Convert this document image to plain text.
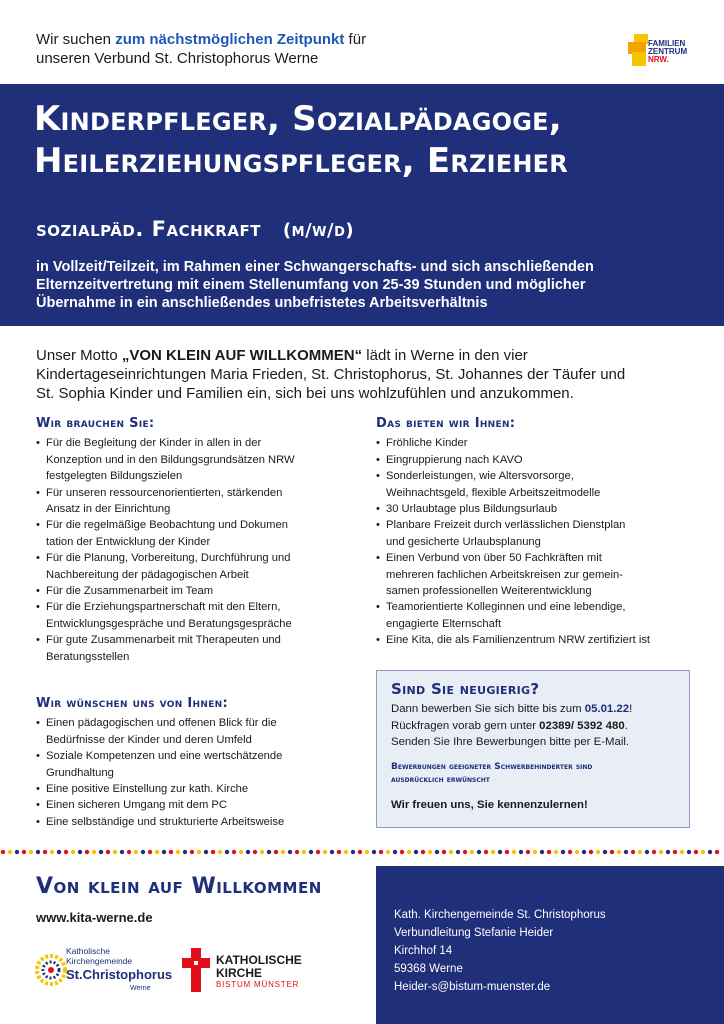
Wir suchen zum nächstmöglichen Zeitpunkt für
unseren Verbund St. Christophorus Werne
FAMILIEN
ZENTRUM
NRW.
Kinderpfleger, Sozialpädagoge,
Heilerziehungspfleger, Erzieher
sozialpäd. Fachkraft (m/w/d)
in Vollzeit/Teilzeit, im Rahmen einer Schwangerschafts- und sich anschließenden
Elternzeitvertretung mit einem Stellenumfang von 25-39 Stunden und möglicher
Übernahme in ein anschließendes unbefristetes Arbeitsverhältnis
Unser Motto „VON KLEIN AUF WILLKOMMEN“ lädt in Werne in den vier
Kindertageseinrichtungen Maria Frieden, St. Christophorus, St. Johannes der Täufer und
St. Sophia Kinder und Familien ein, sich bei uns wohlzufühlen und anzukommen.
Wir brauchen Sie:
• Für die Begleitung der Kinder in allen in der
Konzeption und in den Bildungsgrundsätzen NRW
festgelegten Bildungszielen
• Für unseren ressourcenorientierten, stärkenden
Ansatz in der Einrichtung
• Für die regelmäßige Beobachtung und Dokumen
tation der Entwicklung der Kinder
• Für die Planung, Vorbereitung, Durchführung und
Nachbereitung der pädagogischen Arbeit
• Für die Zusammenarbeit im Team
• Für die Erziehungspartnerschaft mit den Eltern,
Entwicklungsgespräche und Beratungsgespräche
• Für gute Zusammenarbeit mit Therapeuten und
Beratungsstellen
Wir wünschen uns von Ihnen:
• Einen pädagogischen und offenen Blick für die
Bedürfnisse der Kinder und deren Umfeld
• Soziale Kompetenzen und eine wertschätzende
Grundhaltung
• Eine positive Einstellung zur kath. Kirche
• Einen sicheren Umgang mit dem PC
• Eine selbständige und strukturierte Arbeitsweise
Das bieten wir Ihnen:
• Fröhliche Kinder
• Eingruppierung nach KAVO
• Sonderleistungen, wie Altersvorsorge,
Weihnachtsgeld, flexible Arbeitszeitmodelle
• 30 Urlaubtage plus Bildungsurlaub
• Planbare Freizeit durch verlässlichen Dienstplan
und gesicherte Urlaubsplanung
• Einen Verbund von über 50 Fachkräften mit
mehreren fachlichen Arbeitskreisen zur gemein-
samen professionellen Weiterentwicklung
• Teamorientierte Kolleginnen und eine lebendige,
engagierte Elternschaft
• Eine Kita, die als Familienzentrum NRW zertifiziert ist
Sind Sie neugierig?
Dann bewerben Sie sich bitte bis zum 05.01.22!
Rückfragen vorab gern unter 02389/ 5392 480.
Senden Sie Ihre Bewerbungen bitte per E-Mail.
Bewerbungen geeigneter Schwerbehinderter sind ausdrücklich erwünscht
Wir freuen uns, Sie kennenzulernen!
Von klein auf Willkommen
www.kita-werne.de
Katholische
Kirchengemeinde
St.Christophorus
Werne
KATHOLISCHE
KIRCHE
BISTUM MÜNSTER
Kath. Kirchengemeinde St. Christophorus
Verbundleitung Stefanie Heider
Kirchhof 14
59368 Werne
Heider-s@bistum-muenster.de
